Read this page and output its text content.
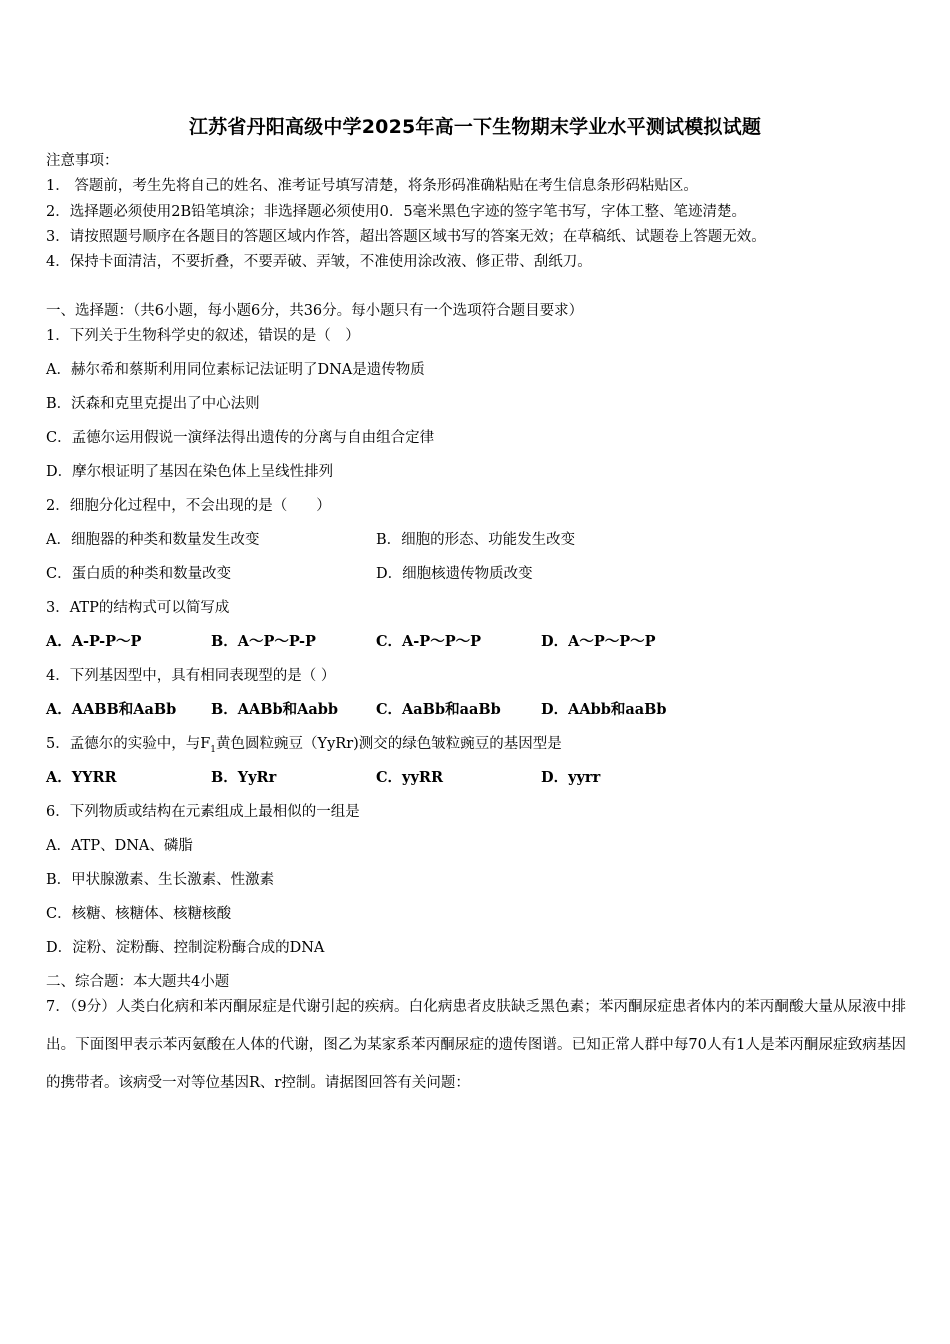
江苏省丹阳高级中学2025年高一下生物期末学业水平测试模拟试题
注意事项：
1． 答题前，考生先将自己的姓名、准考证号填写清楚，将条形码准确粘贴在考生信息条形码粘贴区。
2．选择题必须使用2B铅笔填涂；非选择题必须使用0．5毫米黑色字迹的签字笔书写，字体工整、笔迹清楚。
3．请按照题号顺序在各题目的答题区域内作答，超出答题区域书写的答案无效；在草稿纸、试题卷上答题无效。
4．保持卡面清洁，不要折叠，不要弄破、弄皱，不准使用涂改液、修正带、刮纸刀。
一、选择题：（共6小题，每小题6分，共36分。每小题只有一个选项符合题目要求）
1．下列关于生物科学史的叙述，错误的是（　）
A．赫尔希和蔡斯利用同位素标记法证明了DNA是遗传物质
B．沃森和克里克提出了中心法则
C．孟德尔运用假说一演绎法得出遗传的分离与自由组合定律
D．摩尔根证明了基因在染色体上呈线性排列
2．细胞分化过程中，不会出现的是（　　）
A．细胞器的种类和数量发生改变	B．细胞的形态、功能发生改变
C．蛋白质的种类和数量改变	D．细胞核遗传物质改变
3．ATP的结构式可以简写成
A．A-P-P～P	B．A～P～P-P	C．A-P～P～P	D．A～P～P～P
4．下列基因型中，具有相同表现型的是（ ）
A．AABB和AaBb B．AABb和Aabb	C．AaBb和aaBb	D．AAbb和aaBb
5．孟德尔的实验中，与$F_1$黄色圆粒豌豆（YyRr)测交的绿色皱粒豌豆的基因型是
A．YYRR	B．YyRr	C．yyRR	D．yyrr
6．下列物质或结构在元素组成上最相似的一组是
A．ATP、DNA、磷脂
B．甲状腺激素、生长激素、性激素
C．核糖、核糖体、核糖核酸
D．淀粉、淀粉酶、控制淀粉酶合成的DNA
二、综合题：本大题共4小题
7．（9分）人类白化病和苯丙酮尿症是代谢引起的疾病。白化病患者皮肤缺乏黑色素；苯丙酮尿症患者体内的苯丙酮酸大量从尿液中排出。下面图甲表示苯丙氨酸在人体的代谢，图乙为某家系苯丙酮尿症的遗传图谱。已知正常人群中每70人有1人是苯丙酮尿症致病基因的携带者。该病受一对等位基因R、r控制。请据图回答有关问题：
